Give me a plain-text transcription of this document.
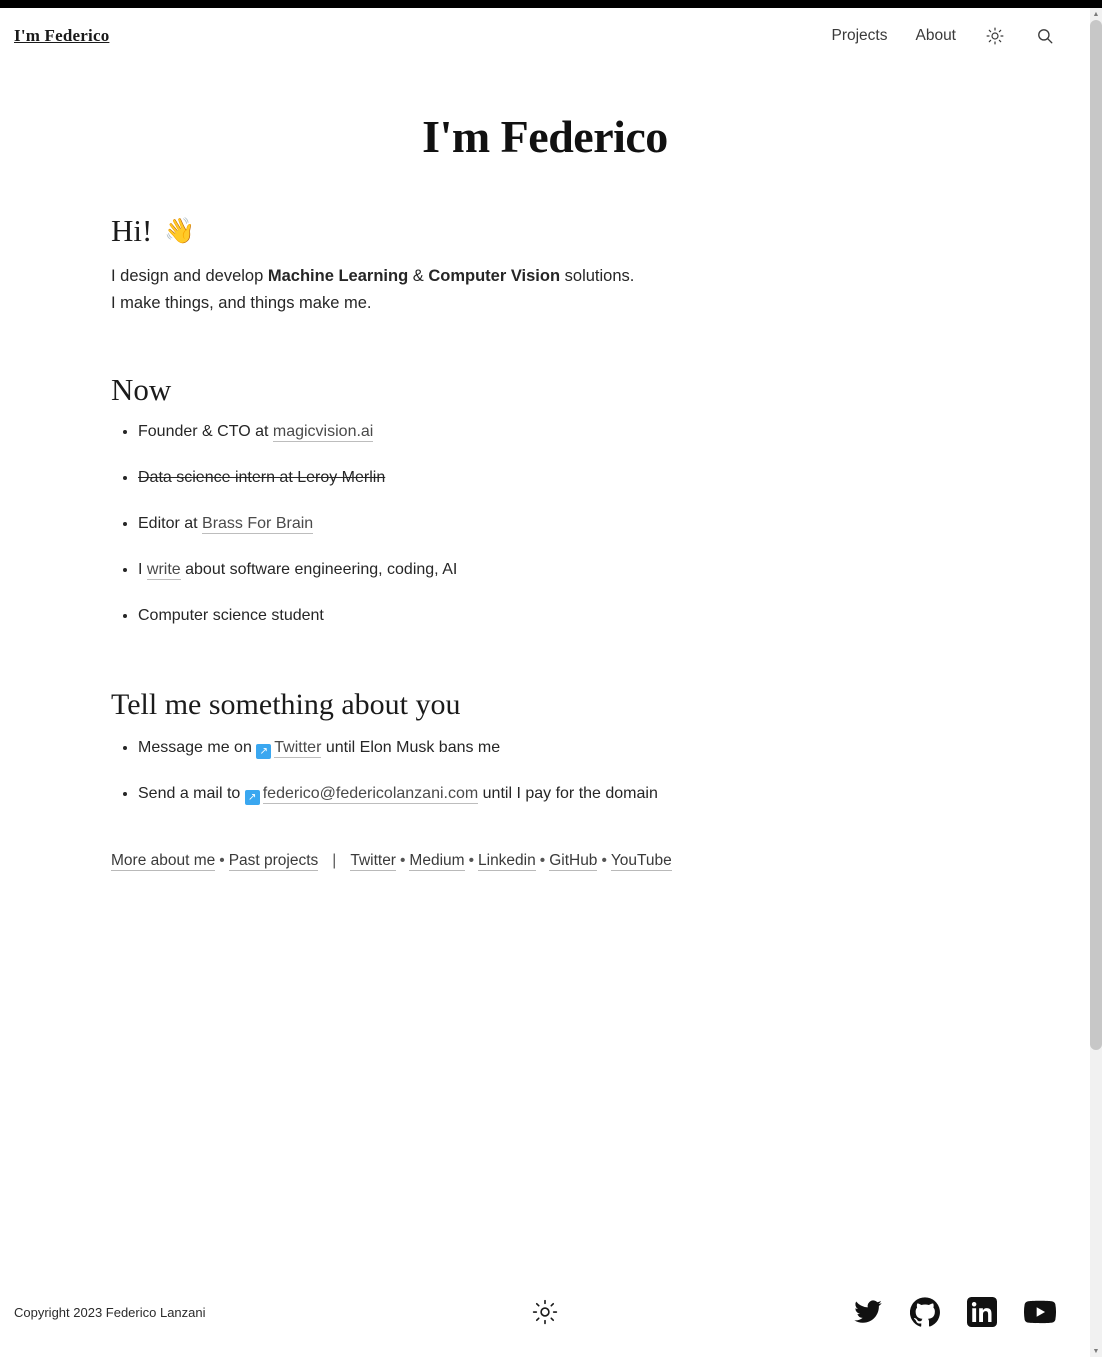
I'm Federico	Projects About
I'm Federico
Hi! 👋

I design and develop Machine Learning & Computer Vision solutions.
I make things, and things make me.

Now
• Founder & CTO at magicvision.ai
• Data science intern at Leroy Merlin
• Editor at Brass For Brain
• I write about software engineering, coding, AI
• Computer science student
Tell me something about you
• Message me on ↗ Twitter until Elon Musk bans me
• Send a mail to ↗ federico@federicolanzani.com until I pay for the domain
More about me • Past projects | Twitter • Medium • Linkedin • GitHub • YouTube
Copyright 2023 Federico Lanzani
▲
▼
